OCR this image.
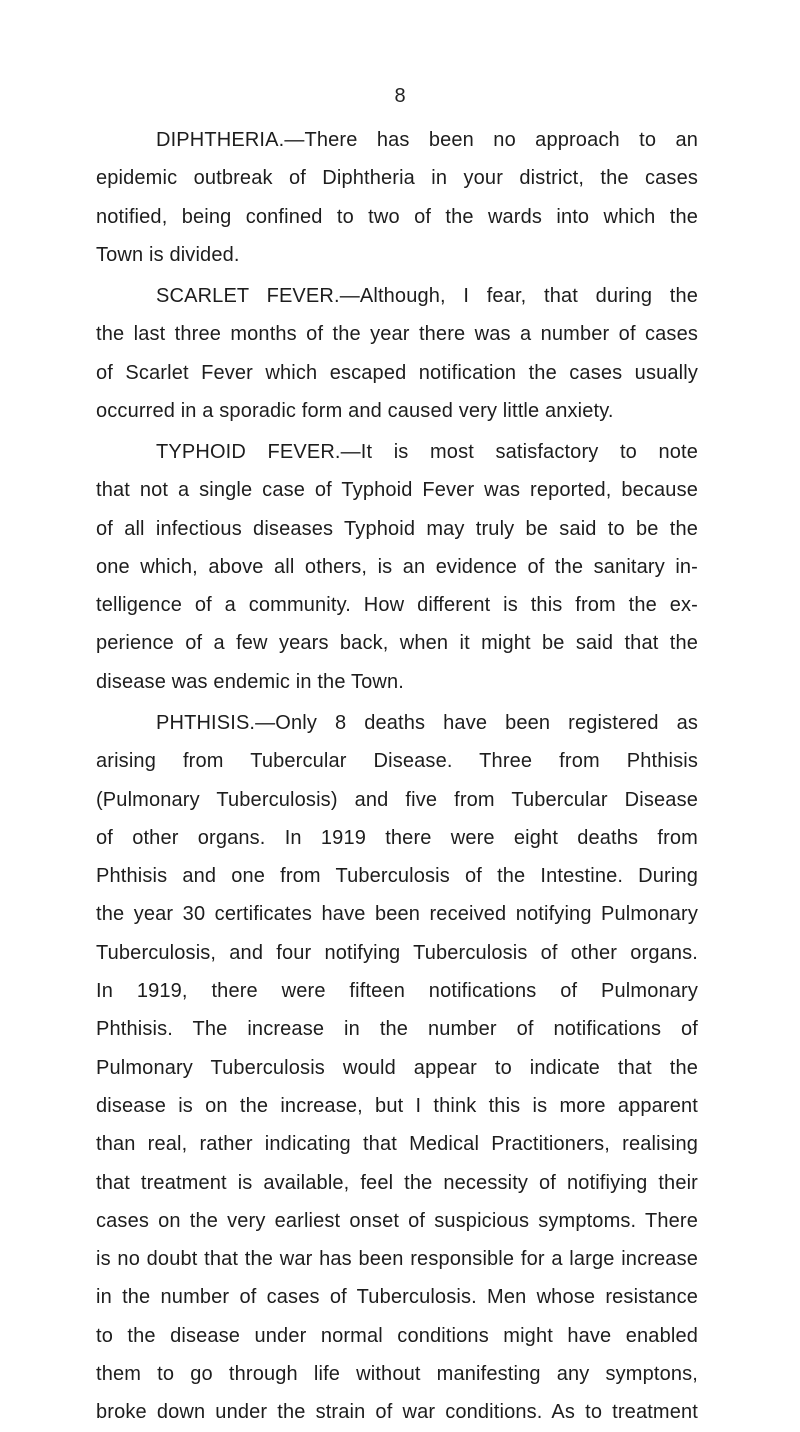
8

DIPHTHERIA.—There has been no approach to an
epidemic outbreak of Diphtheria in your district, the cases
notified, being confined to two of the wards into which the
Town is divided.
SCARLET FEVER.—Although, I fear, that during the
the last three months of the year there was a number of cases
of Scarlet Fever which escaped notification the cases usually
occurred in a sporadic form and caused very little anxiety.
TYPHOID FEVER.—It is most satisfactory to note
that not a single case of Typhoid Fever was reported, because
of all infectious diseases Typhoid may truly be said to be the
one which, above all others, is an evidence of the sanitary in-
telligence of a community. How different is this from the ex-
perience of a few years back, when it might be said that the
disease was endemic in the Town.
PHTHISIS.—Only 8 deaths have been registered as
arising from Tubercular Disease. Three from Phthisis
(Pulmonary Tuberculosis) and five from Tubercular Disease
of other organs. In 1919 there were eight deaths from
Phthisis and one from Tuberculosis of the Intestine. During
the year 30 certificates have been received notifying Pulmonary
Tuberculosis, and four notifying Tuberculosis of other organs.
In 1919, there were fifteen notifications of Pulmonary
Phthisis. The increase in the number of notifications of
Pulmonary Tuberculosis would appear to indicate that the
disease is on the increase, but I think this is more apparent
than real, rather indicating that Medical Practitioners, realising
that treatment is available, feel the necessity of notifiying their
cases on the very earliest onset of suspicious symptoms. There
is no doubt that the war has been responsible for a large increase
in the number of cases of Tuberculosis. Men whose resistance
to the disease under normal conditions might have enabled
them to go through life without manifesting any symptons,
broke down under the strain of war conditions. As to treatment
